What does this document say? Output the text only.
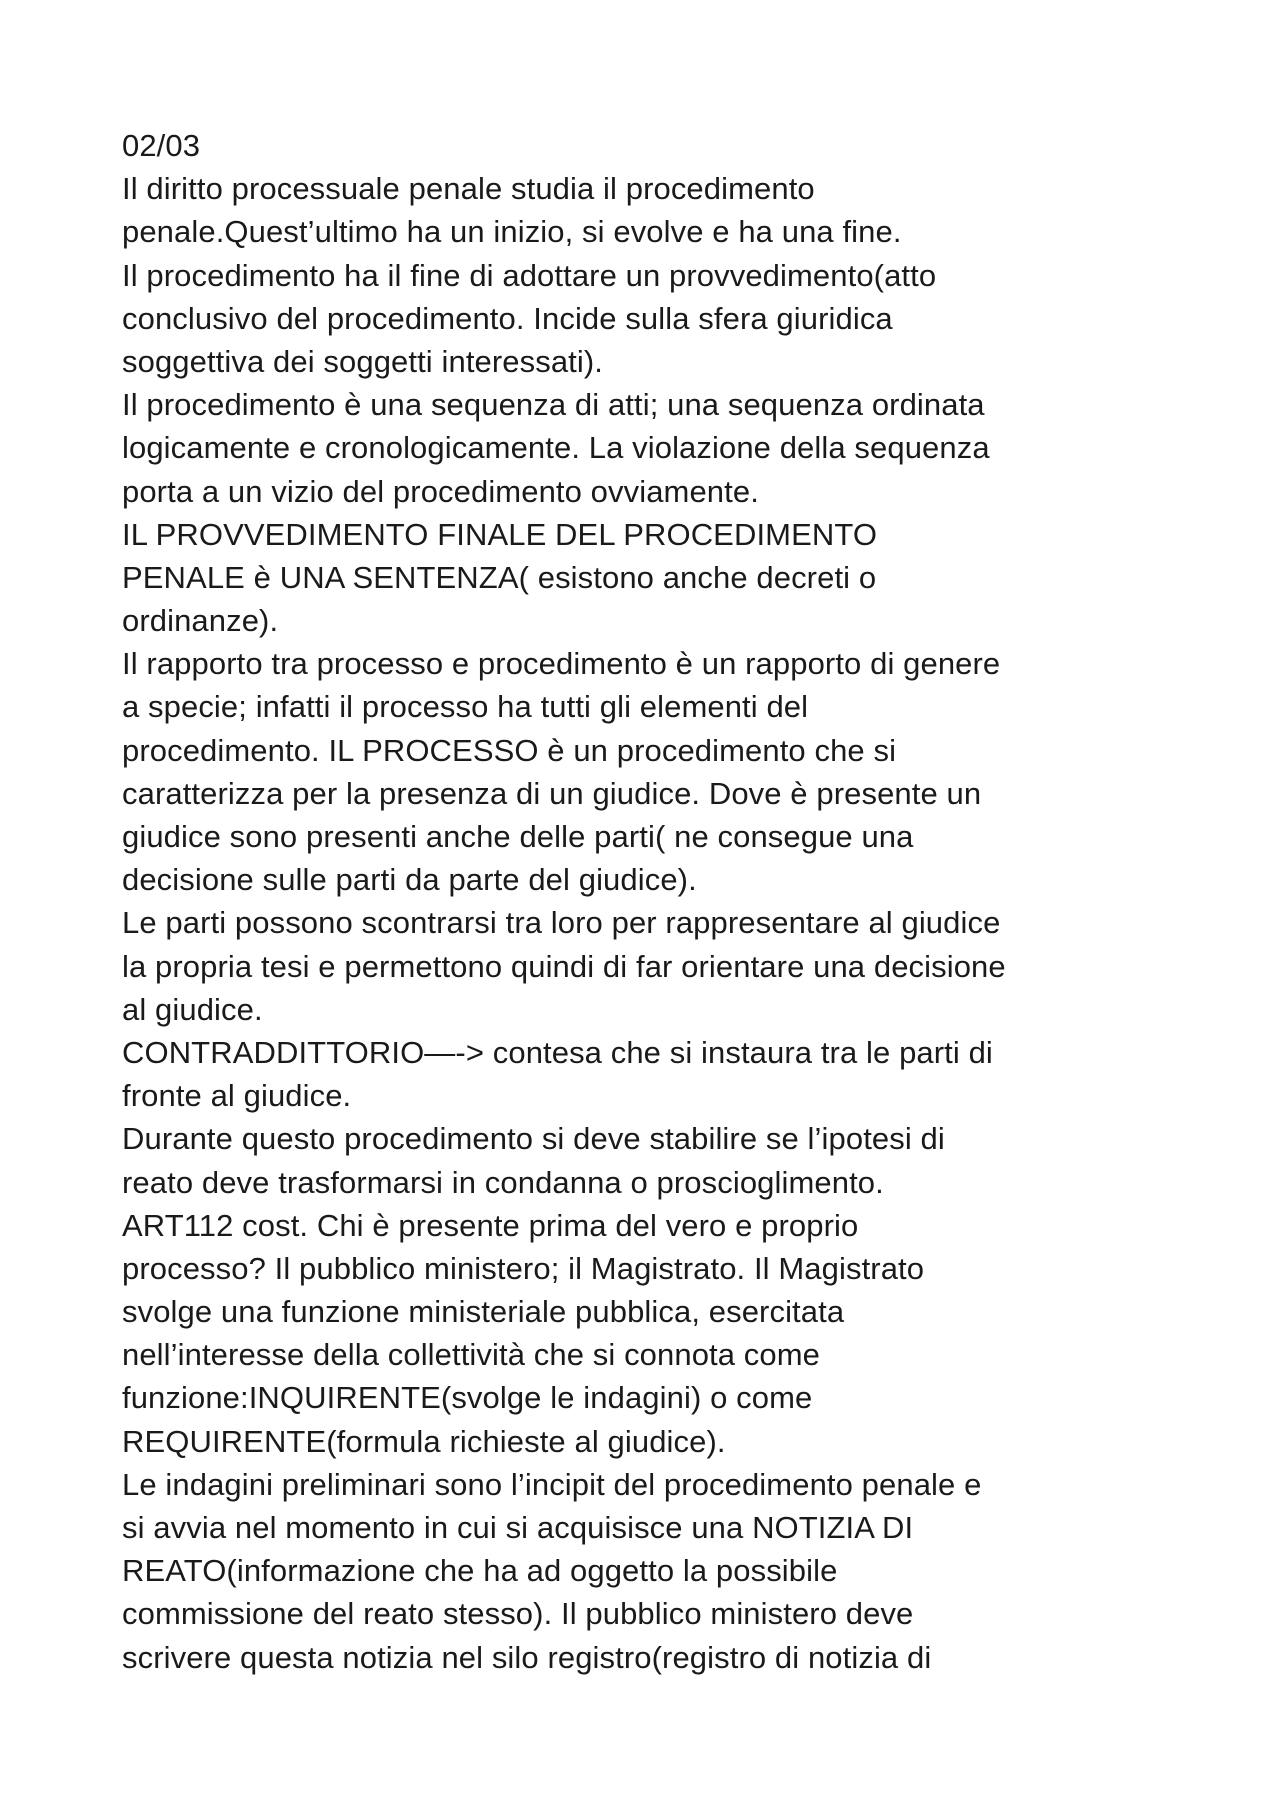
02/03
Il diritto processuale penale studia il procedimento
penale.Quest’ultimo ha un inizio, si evolve e ha una fine.
Il procedimento ha il fine di adottare un provvedimento(atto
conclusivo del procedimento. Incide sulla sfera giuridica
soggettiva dei soggetti interessati).
Il procedimento è una sequenza di atti; una sequenza ordinata
logicamente e cronologicamente. La violazione della sequenza
porta a un vizio del procedimento ovviamente.
IL PROVVEDIMENTO FINALE DEL PROCEDIMENTO
PENALE è UNA SENTENZA( esistono anche decreti o
ordinanze).
Il rapporto tra processo e procedimento è un rapporto di genere
a specie; infatti il processo ha tutti gli elementi del
procedimento. IL PROCESSO è un procedimento che si
caratterizza per la presenza di un giudice. Dove è presente un
giudice sono presenti anche delle parti( ne consegue una
decisione sulle parti da parte del giudice).
Le parti possono scontrarsi tra loro per rappresentare al giudice
la propria tesi e permettono quindi di far orientare una decisione
al giudice.
CONTRADDITTORIO—-> contesa che si instaura tra le parti di
fronte al giudice.
Durante questo procedimento si deve stabilire se l’ipotesi di
reato deve trasformarsi in condanna o proscioglimento.
ART112 cost. Chi è presente prima del vero e proprio
processo? Il pubblico ministero; il Magistrato. Il Magistrato
svolge una funzione ministeriale pubblica, esercitata
nell’interesse della collettività che si connota come
funzione:INQUIRENTE(svolge le indagini) o come
REQUIRENTE(formula richieste al giudice).
Le indagini preliminari sono l’incipit del procedimento penale e
si avvia nel momento in cui si acquisisce una NOTIZIA DI
REATO(informazione che ha ad oggetto la possibile
commissione del reato stesso). Il pubblico ministero deve
scrivere questa notizia nel silo registro(registro di notizia di
